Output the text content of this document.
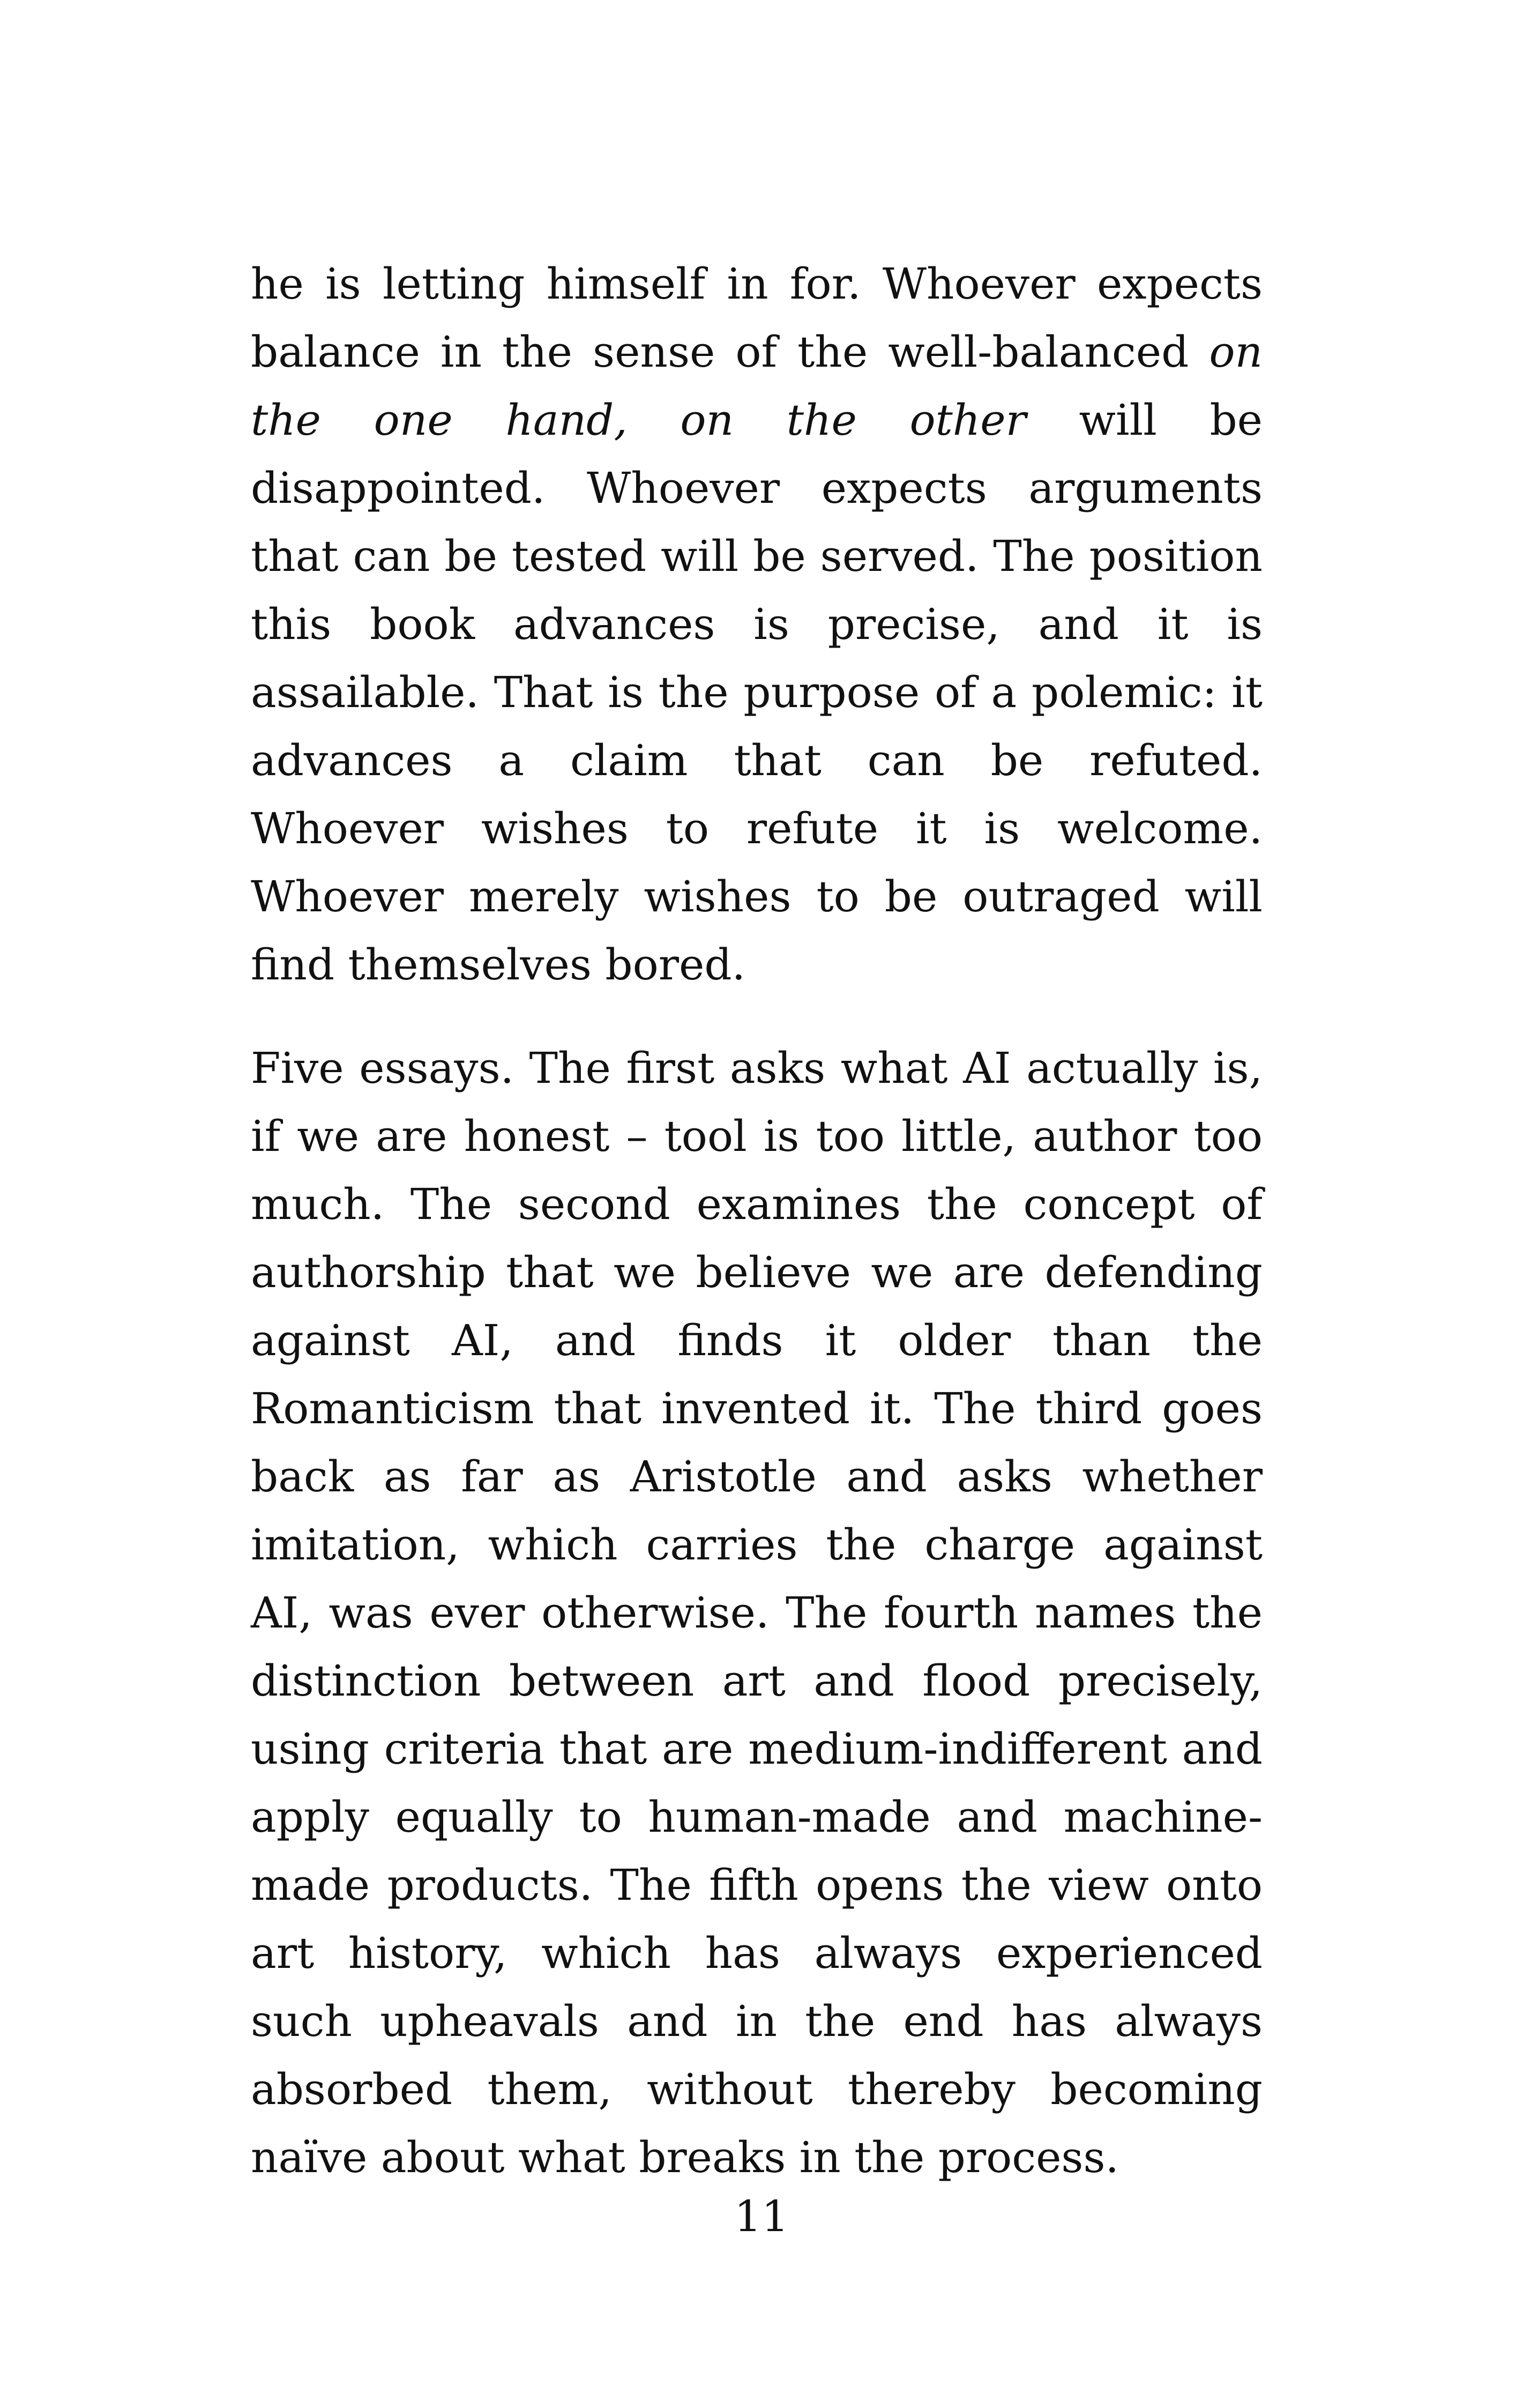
he is letting himself in for. Whoever expects balance in the sense of the well-balanced on the one hand, on the other will be disappointed. Whoever expects arguments that can be tested will be served. The position this book advances is precise, and it is assailable. That is the purpose of a polemic: it advances a claim that can be refuted. Whoever wishes to refute it is welcome. Whoever merely wishes to be outraged will find themselves bored.

Five essays. The first asks what AI actually is, if we are honest – tool is too little, author too much. The second examines the concept of authorship that we believe we are defending against AI, and finds it older than the Romanticism that invented it. The third goes back as far as Aristotle and asks whether imitation, which carries the charge against AI, was ever otherwise. The fourth names the distinction between art and flood precisely, using criteria that are medium-indifferent and apply equally to human-made and machine-made products. The fifth opens the view onto art history, which has always experienced such upheavals and in the end has always absorbed them, without thereby becoming naïve about what breaks in the process.

11
